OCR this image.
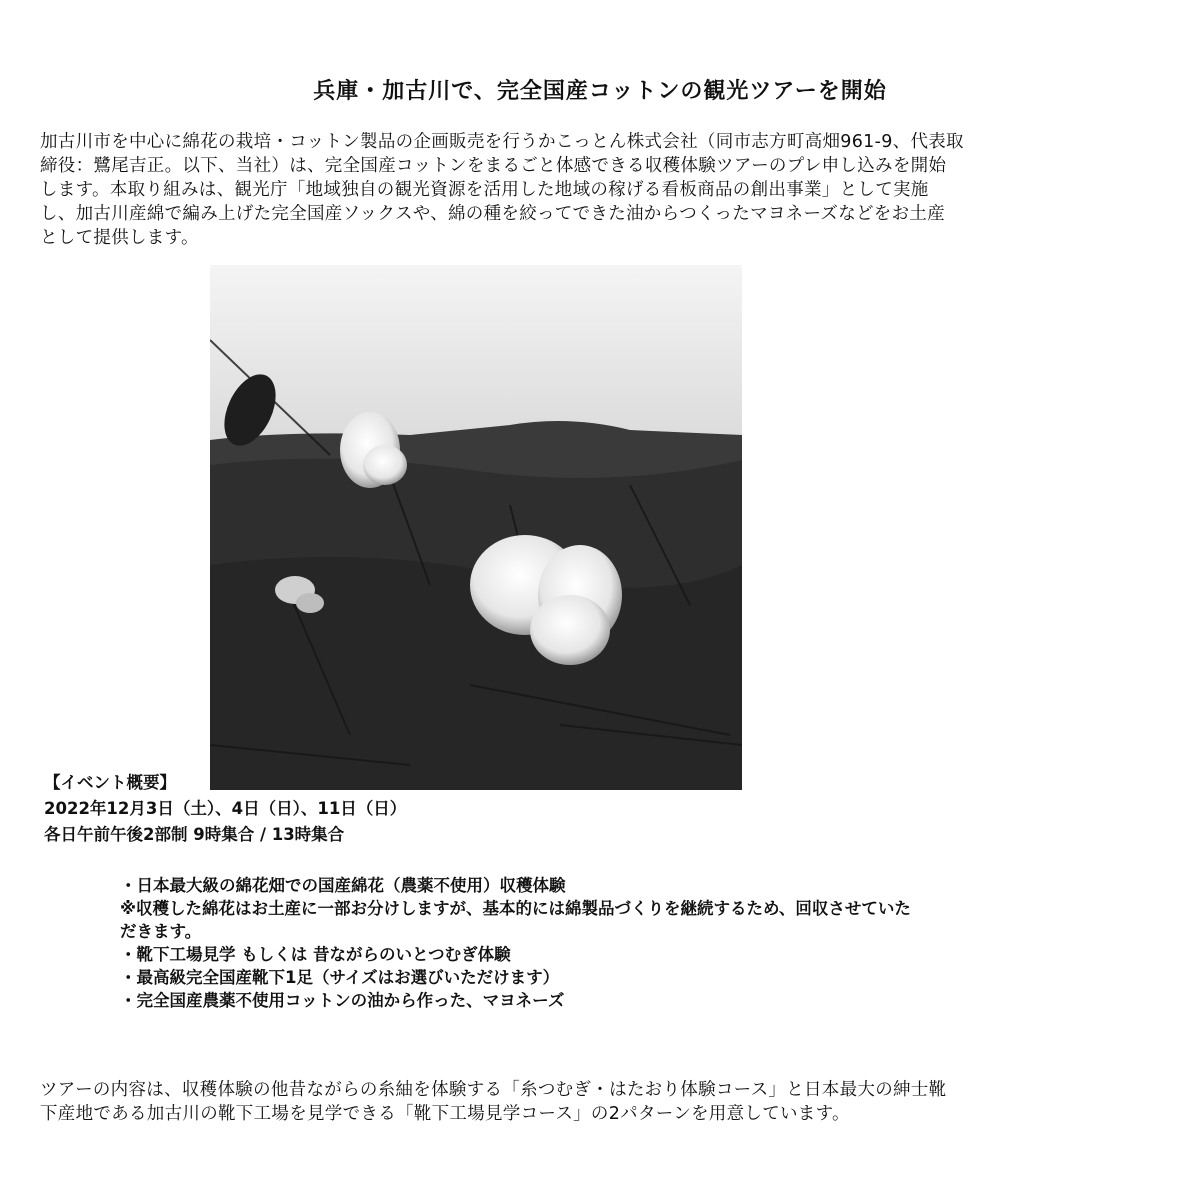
兵庫・加古川で、完全国産コットンの観光ツアーを開始

加古川市を中心に綿花の栽培・コットン製品の企画販売を行うかこっとん株式会社（同市志方町高畑961-9、代表取

締役：鷺尾吉正。以下、当社）は、完全国産コットンをまるごと体感できる収穫体験ツアーのプレ申し込みを開始

します。本取り組みは、観光庁「地域独自の観光資源を活用した地域の稼げる看板商品の創出事業」として実施

し、加古川産綿で編み上げた完全国産ソックスや、綿の種を絞ってできた油からつくったマヨネーズなどをお土産

として提供します。

【イベント概要】
2022年12月3日（土）、4日（日）、11日（日）
各日午前午後2部制 9時集合 / 13時集合
・日本最大級の綿花畑での国産綿花（農薬不使用）収穫体験
※収穫した綿花はお土産に一部お分けしますが、基本的には綿製品づくりを継続するため、回収させていた
だきます。
・靴下工場見学 もしくは 昔ながらのいとつむぎ体験
・最高級完全国産靴下1足（サイズはお選びいただけます）
・完全国産農薬不使用コットンの油から作った、マヨネーズ

ツアーの内容は、収穫体験の他昔ながらの糸紬を体験する「糸つむぎ・はたおり体験コース」と日本最大の紳士靴

下産地である加古川の靴下工場を見学できる「靴下工場見学コース」の2パターンを用意しています。
